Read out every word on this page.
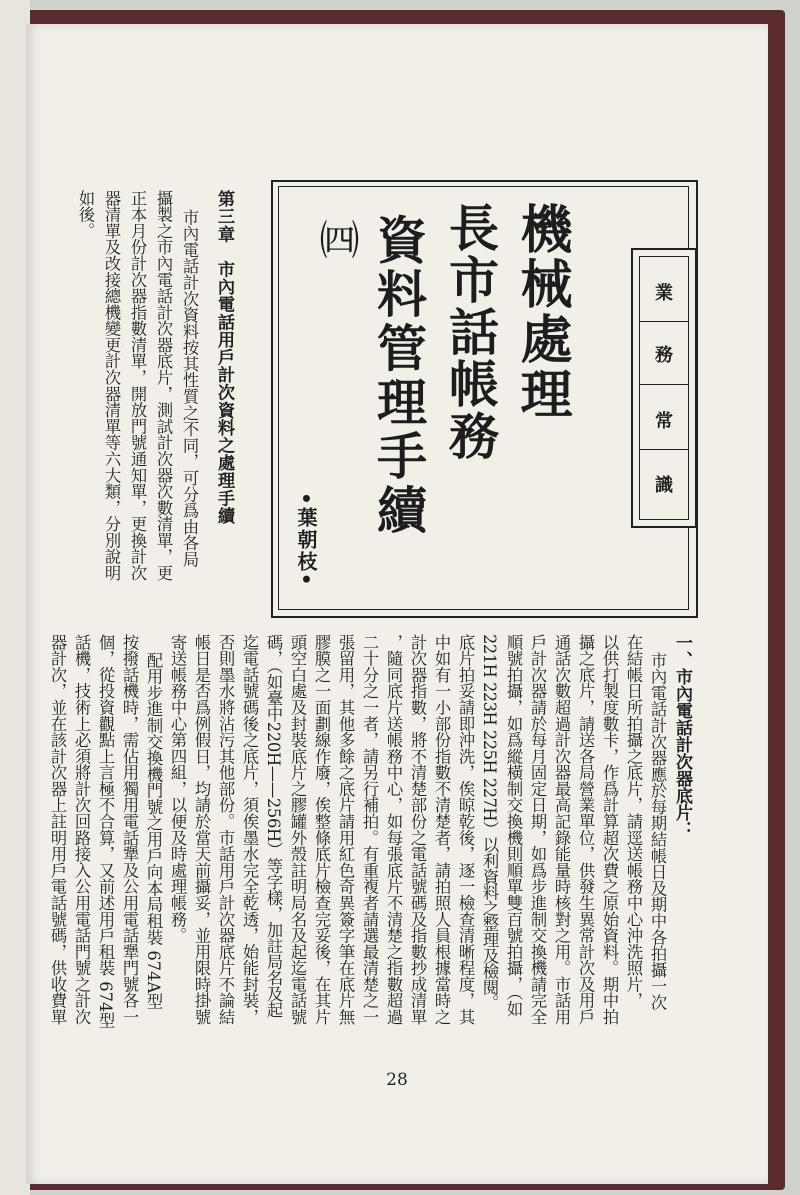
機械處理
長市話帳務
資料管理手續
㈣
•葉朝枝•
業
務
常
識
第三章　市內電話用戶計次資料之處理手續
市內電話計次資料按其性質之不同，可分爲由各局
攝製之市內電話計次器底片，測試計次器次數清單，更
正本月份計次器指數清單，開放門號通知單，更換計次
器清單及改接總機變更計次器清單等六大類，分別說明
如後。
一、市內電話計次器底片：
市內電話計次器應於每期結帳日及期中各拍攝一次
在結帳日所拍攝之底片，請逕送帳務中心沖洗照片，
以供打製度數卡，作爲計算超次費之原始資料。期中拍
攝之底片，請送各局營業單位，供發生異常計次及用戶
通話次數超過計次器最高記錄能量時核對之用。市話用
戶計次器請於每月固定日期，如爲步進制交換機請完全
順號拍攝，如爲縱橫制交換機則順單雙百號拍攝，（如
221H 223H 225H 227H）以利資料之整理及檢閱。
底片拍妥請即沖洗，俟晾乾後，逐一檢查清晰程度，其
中如有一小部份指數不清楚者，請拍照人員根據當時之
計次器指數，將不清楚部份之電話號碼及指數抄成清單
，隨同底片送帳務中心，如每張底片不清楚之指數超過
二十分之一者，請另行補拍。有重複者請選最清楚之一
張留用，其他多餘之底片請用紅色奇異簽字筆在底片無
膠膜之一面劃線作廢，俟整條底片檢查完妥後，在其片
頭空白處及封裝底片之膠罐外殼註明局名及起迄電話號
碼，（如臺中220H——256H）等字樣，加註局名及起
迄電話號碼後之底片，須俟墨水完全乾透，始能封裝，
否則墨水將沾污其他部份。市話用戶計次器底片不論結
帳日是否爲例假日，均請於當天前攝妥，並用限時掛號
寄送帳務中心第四組，以便及時處理帳務。
配用步進制交換機門號之用戶向本局租裝 674A型
按撥話機時，需佔用獨用電話犟及公用電話犟門號各一
個，從投資觀點上言極不合算，又前述用戶租裝 674型
話機，技術上必須將計次回路接入公用電話門號之計次
器計次，並在該計次器上註明用戶電話號碼，供收費單
28
